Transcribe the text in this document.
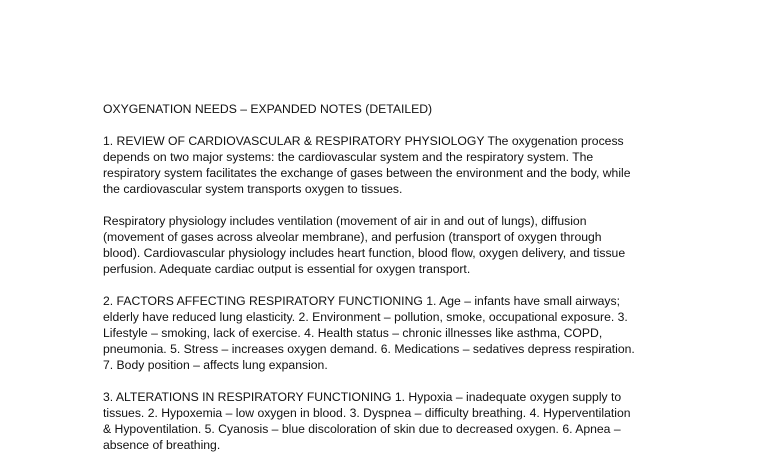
OXYGENATION NEEDS – EXPANDED NOTES (DETAILED)

1. REVIEW OF CARDIOVASCULAR & RESPIRATORY PHYSIOLOGY The oxygenation process

depends on two major systems: the cardiovascular system and the respiratory system. The

respiratory system facilitates the exchange of gases between the environment and the body, while

the cardiovascular system transports oxygen to tissues.

Respiratory physiology includes ventilation (movement of air in and out of lungs), diffusion

(movement of gases across alveolar membrane), and perfusion (transport of oxygen through

blood). Cardiovascular physiology includes heart function, blood flow, oxygen delivery, and tissue

perfusion. Adequate cardiac output is essential for oxygen transport.

2. FACTORS AFFECTING RESPIRATORY FUNCTIONING 1. Age – infants have small airways;

elderly have reduced lung elasticity. 2. Environment – pollution, smoke, occupational exposure. 3.

Lifestyle – smoking, lack of exercise. 4. Health status – chronic illnesses like asthma, COPD,

pneumonia. 5. Stress – increases oxygen demand. 6. Medications – sedatives depress respiration.

7. Body position – affects lung expansion.

3. ALTERATIONS IN RESPIRATORY FUNCTIONING 1. Hypoxia – inadequate oxygen supply to

tissues. 2. Hypoxemia – low oxygen in blood. 3. Dyspnea – difficulty breathing. 4. Hyperventilation

& Hypoventilation. 5. Cyanosis – blue discoloration of skin due to decreased oxygen. 6. Apnea –

absence of breathing.
